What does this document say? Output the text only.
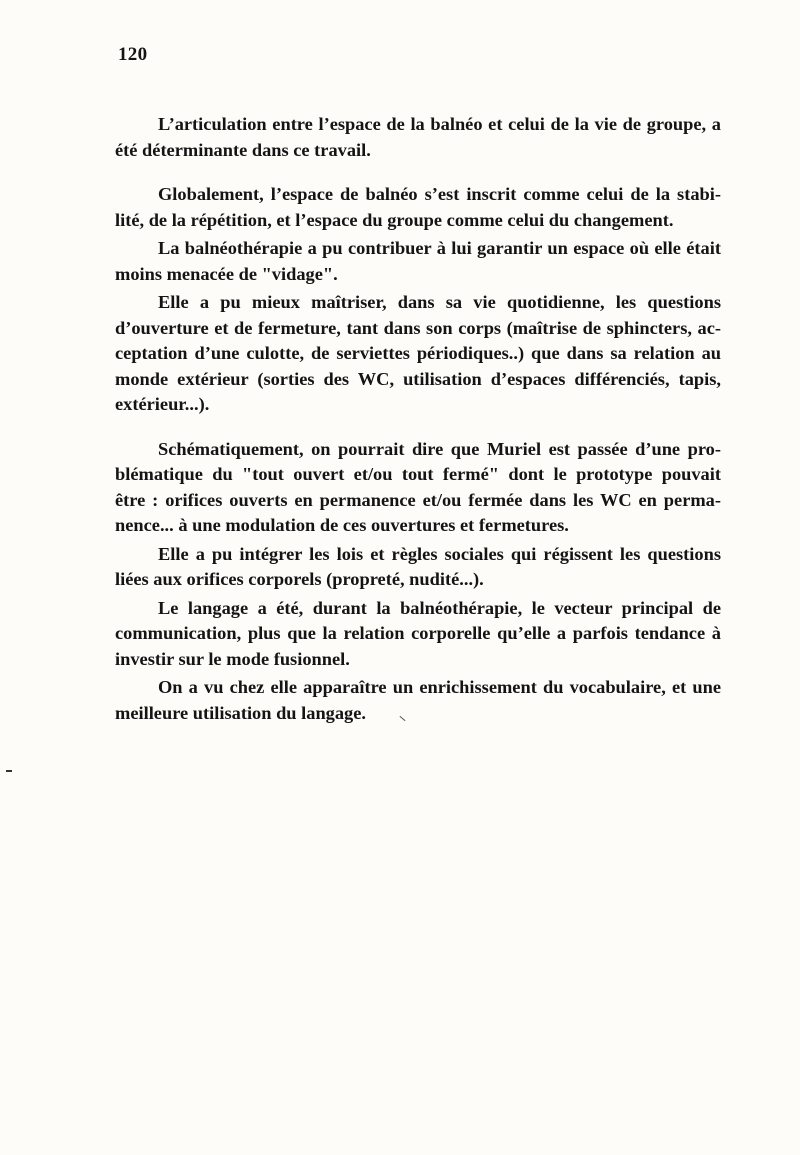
120

L’articulation entre l’espace de la balnéo et celui de la vie de groupe, a
été déterminante dans ce travail.

Globalement, l’espace de balnéo s’est inscrit comme celui de la stabi-
lité, de la répétition, et l’espace du groupe comme celui du changement.

La balnéothérapie a pu contribuer à lui garantir un espace où elle était
moins menacée de "vidage".

Elle a pu mieux maîtriser, dans sa vie quotidienne, les questions
d’ouverture et de fermeture, tant dans son corps (maîtrise de sphincters, ac-
ceptation d’une culotte, de serviettes périodiques..) que dans sa relation au
monde extérieur (sorties des WC, utilisation d’espaces différenciés, tapis,
extérieur...).

Schématiquement, on pourrait dire que Muriel est passée d’une pro-
blématique du "tout ouvert et/ou tout fermé" dont le prototype pouvait
être : orifices ouverts en permanence et/ou fermée dans les WC en perma-
nence... à une modulation de ces ouvertures et fermetures.

Elle a pu intégrer les lois et règles sociales qui régissent les questions
liées aux orifices corporels (propreté, nudité...).

Le langage a été, durant la balnéothérapie, le vecteur principal de
communication, plus que la relation corporelle qu’elle a parfois tendance à
investir sur le mode fusionnel.

On a vu chez elle apparaître un enrichissement du vocabulaire, et une
meilleure utilisation du langage.
